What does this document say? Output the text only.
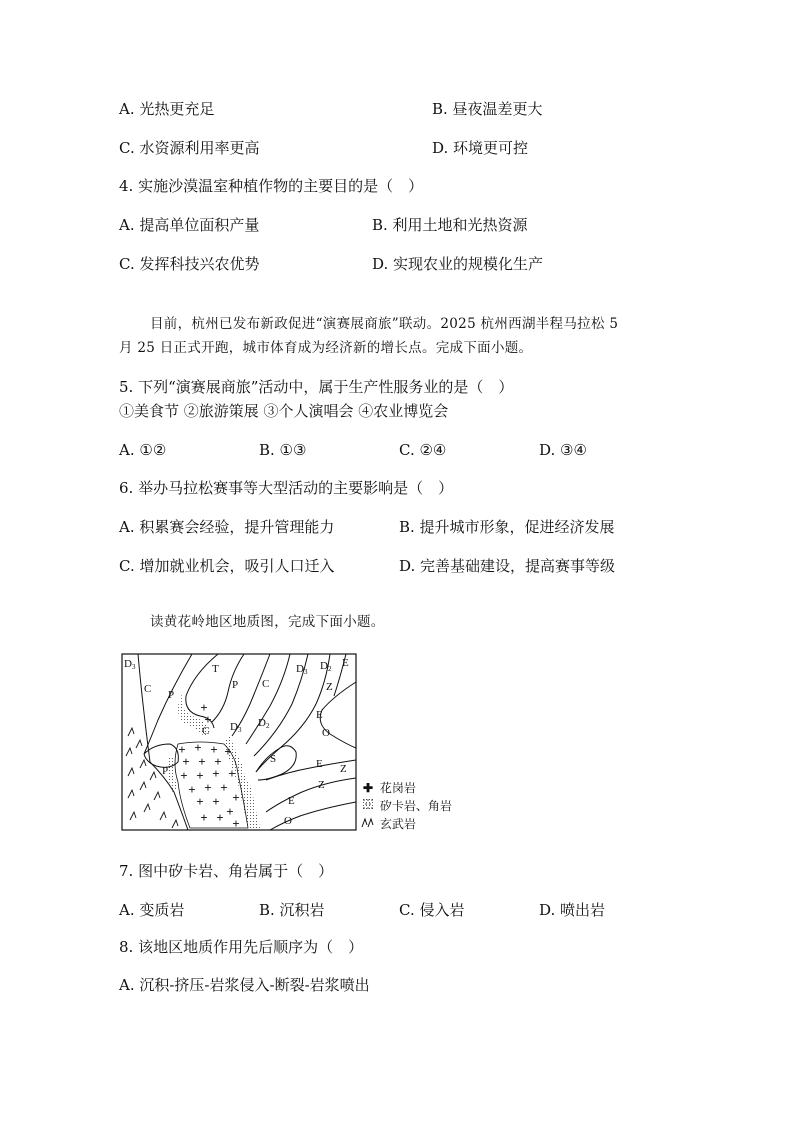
A. 光热更充足	B. 昼夜温差更大
C. 水资源利用率更高	D. 环境更可控
4. 实施沙漠温室种植作物的主要目的是（　）
A. 提高单位面积产量	B. 利用土地和光热资源
C. 发挥科技兴农优势	D. 实现农业的规模化生产
目前，杭州已发布新政促进“演赛展商旅”联动。2025 杭州西湖半程马拉松 5
月 25 日正式开跑，城市体育成为经济新的增长点。完成下面小题。
5. 下列“演赛展商旅”活动中，属于生产性服务业的是（　）
①美食节 ②旅游策展 ③个人演唱会 ④农业博览会
A. ①②	B. ①③	C. ②④	D. ③④
6. 举办马拉松赛事等大型活动的主要影响是（　）
A. 积累赛会经验，提升管理能力	B. 提升城市形象，促进经济发展
C. 增加就业机会，吸引人口迁入	D. 完善基础建设，提高赛事等级
读黄花岭地区地质图，完成下面小题。
+ + + +
+ + +
+ + + +
+ + +
+
+ +
+
+ + +
+
+
D3
C
T
P
P C
D3 D2 E
Z
E
O
D3
D2
C
S
P
E Z
Z
E
O
✚ 花岗岩
矽卡岩、角岩
玄武岩
7. 图中矽卡岩、角岩属于（　）
A. 变质岩	B. 沉积岩	C. 侵入岩	D. 喷出岩
8. 该地区地质作用先后顺序为（　）
A. 沉积-挤压-岩浆侵入-断裂-岩浆喷出
